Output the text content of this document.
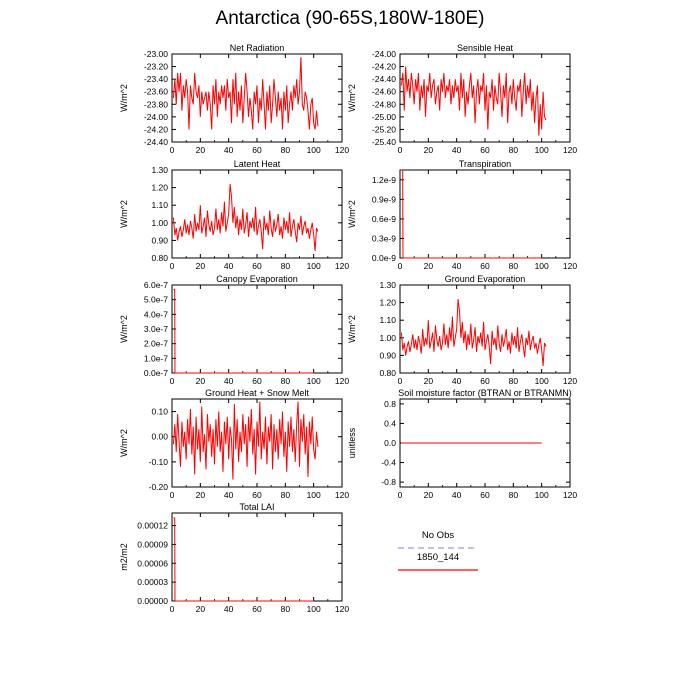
Antarctica (90-65S,180W-180E)
Net Radiation
W/m^2
0 20 40 60 80 100 120
-24.40
-24.20
-24.00
-23.80
-23.60
-23.40
-23.20
-23.00
Sensible Heat
W/m^2
0 20 40 60 80 100 120
-25.40
-25.20
-25.00
-24.80
-24.60
-24.40
-24.20
-24.00
Latent Heat
W/m^2
0 20 40 60 80 100 120
0.80
0.90
1.00
1.10
1.20
1.30
Transpiration
W/m^2
0 20 40 60 80 100 120
0.0e-9
0.3e-9
0.6e-9
0.9e-9
1.2e-9
Canopy Evaporation
W/m^2
0 20 40 60 80 100 120
0.0e-7
1.0e-7
2.0e-7
3.0e-7
4.0e-7
5.0e-7
6.0e-7
Ground Evaporation
W/m^2
0 20 40 60 80 100 120
0.80
0.90
1.00
1.10
1.20
1.30
Ground Heat + Snow Melt
W/m^2
0 20 40 60 80 100 120
-0.20
-0.10
0.00
0.10
Soil moisture factor (BTRAN or BTRANMN)
unitless
0 20 40 60 80 100 120
-0.8
-0.4
0.0
0.4
0.8
Total LAI
m2/m2
0 20 40 60 80 100 120
0.00000
0.00003
0.00006
0.00009
0.00012
No Obs
1850_144
